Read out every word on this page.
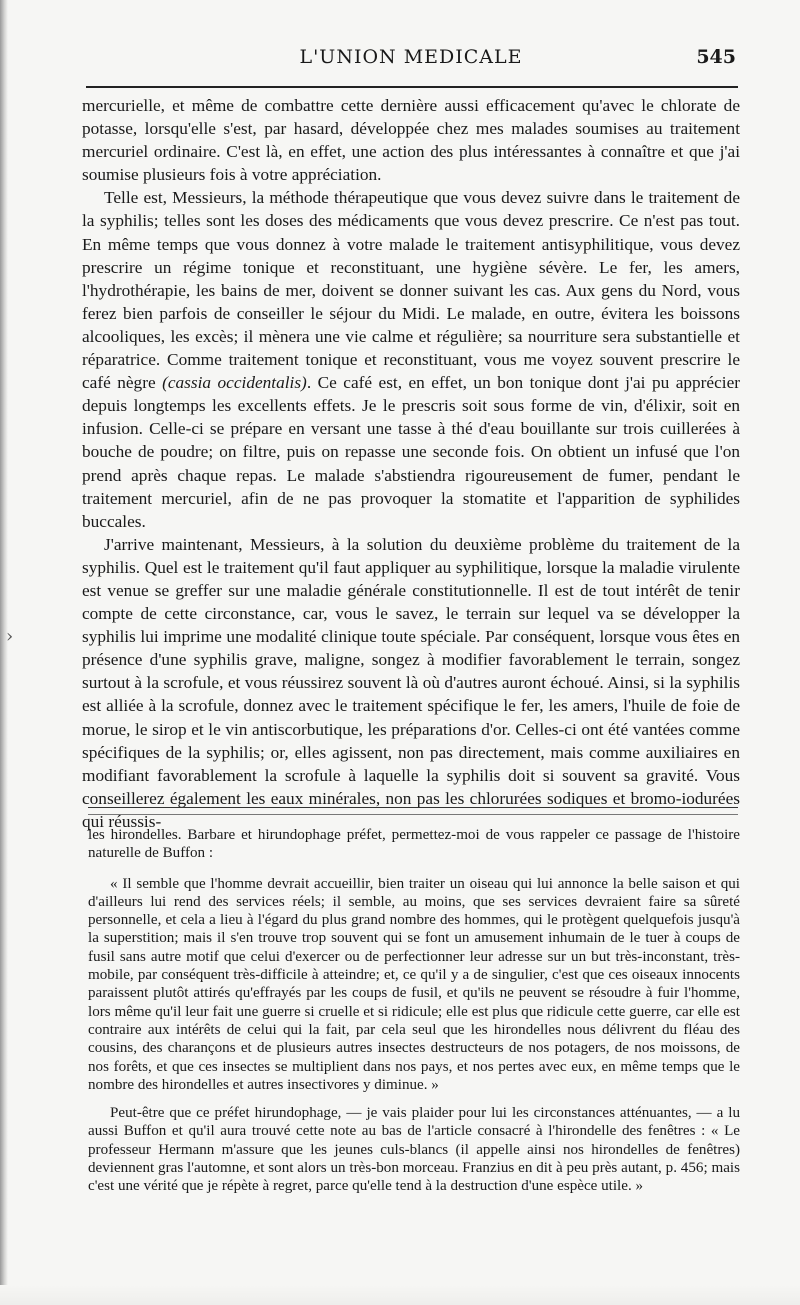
L'UNION MEDICALE	545

mercurielle, et même de combattre cette dernière aussi efficacement qu'avec le chlorate de potasse, lorsqu'elle s'est, par hasard, développée chez mes malades soumises au traitement mercuriel ordinaire. C'est là, en effet, une action des plus intéressantes à connaître et que j'ai soumise plusieurs fois à votre appréciation.

Telle est, Messieurs, la méthode thérapeutique que vous devez suivre dans le traitement de la syphilis; telles sont les doses des médicaments que vous devez prescrire. Ce n'est pas tout. En même temps que vous donnez à votre malade le traitement antisyphilitique, vous devez prescrire un régime tonique et reconstituant, une hygiène sévère. Le fer, les amers, l'hydrothérapie, les bains de mer, doivent se donner suivant les cas. Aux gens du Nord, vous ferez bien parfois de conseiller le séjour du Midi. Le malade, en outre, évitera les boissons alcooliques, les excès; il mènera une vie calme et régulière; sa nourriture sera substantielle et réparatrice. Comme traitement tonique et reconstituant, vous me voyez souvent prescrire le café nègre (cassia occidentalis). Ce café est, en effet, un bon tonique dont j'ai pu apprécier depuis longtemps les excellents effets. Je le prescris soit sous forme de vin, d'élixir, soit en infusion. Celle-ci se prépare en versant une tasse à thé d'eau bouillante sur trois cuillerées à bouche de poudre; on filtre, puis on repasse une seconde fois. On obtient un infusé que l'on prend après chaque repas. Le malade s'abstiendra rigoureusement de fumer, pendant le traitement mercuriel, afin de ne pas provoquer la stomatite et l'apparition de syphilides buccales.

J'arrive maintenant, Messieurs, à la solution du deuxième problème du traitement de la syphilis. Quel est le traitement qu'il faut appliquer au syphilitique, lorsque la maladie virulente est venue se greffer sur une maladie générale constitutionnelle. Il est de tout intérêt de tenir compte de cette circonstance, car, vous le savez, le terrain sur lequel va se développer la syphilis lui imprime une modalité clinique toute spéciale. Par conséquent, lorsque vous êtes en présence d'une syphilis grave, maligne, songez à modifier favorablement le terrain, songez surtout à la scrofule, et vous réussirez souvent là où d'autres auront échoué. Ainsi, si la syphilis est alliée à la scrofule, donnez avec le traitement spécifique le fer, les amers, l'huile de foie de morue, le sirop et le vin antiscorbutique, les préparations d'or. Celles-ci ont été vantées comme spécifiques de la syphilis; or, elles agissent, non pas directement, mais comme auxiliaires en modifiant favorablement la scrofule à laquelle la syphilis doit si souvent sa gravité. Vous conseillerez également les eaux minérales, non pas les chlorurées sodiques et bromo-iodurées qui réussis-

›

les hirondelles. Barbare et hirundophage préfet, permettez-moi de vous rappeler ce passage de l'histoire naturelle de Buffon :

« Il semble que l'homme devrait accueillir, bien traiter un oiseau qui lui annonce la belle saison et qui d'ailleurs lui rend des services réels; il semble, au moins, que ses services devraient faire sa sûreté personnelle, et cela a lieu à l'égard du plus grand nombre des hommes, qui le protègent quelquefois jusqu'à la superstition; mais il s'en trouve trop souvent qui se font un amusement inhumain de le tuer à coups de fusil sans autre motif que celui d'exercer ou de perfectionner leur adresse sur un but très-inconstant, très-mobile, par conséquent très-difficile à atteindre; et, ce qu'il y a de singulier, c'est que ces oiseaux innocents paraissent plutôt attirés qu'effrayés par les coups de fusil, et qu'ils ne peuvent se résoudre à fuir l'homme, lors même qu'il leur fait une guerre si cruelle et si ridicule; elle est plus que ridicule cette guerre, car elle est contraire aux intérêts de celui qui la fait, par cela seul que les hirondelles nous délivrent du fléau des cousins, des charançons et de plusieurs autres insectes destructeurs de nos potagers, de nos moissons, de nos forêts, et que ces insectes se multiplient dans nos pays, et nos pertes avec eux, en même temps que le nombre des hirondelles et autres insectivores y diminue. »

Peut-être que ce préfet hirundophage, — je vais plaider pour lui les circonstances atténuantes, — a lu aussi Buffon et qu'il aura trouvé cette note au bas de l'article consacré à l'hirondelle des fenêtres : « Le professeur Hermann m'assure que les jeunes culs-blancs (il appelle ainsi nos hirondelles de fenêtres) deviennent gras l'automne, et sont alors un très-bon morceau. Franzius en dit à peu près autant, p. 456; mais c'est une vérité que je répète à regret, parce qu'elle tend à la destruction d'une espèce utile. »
